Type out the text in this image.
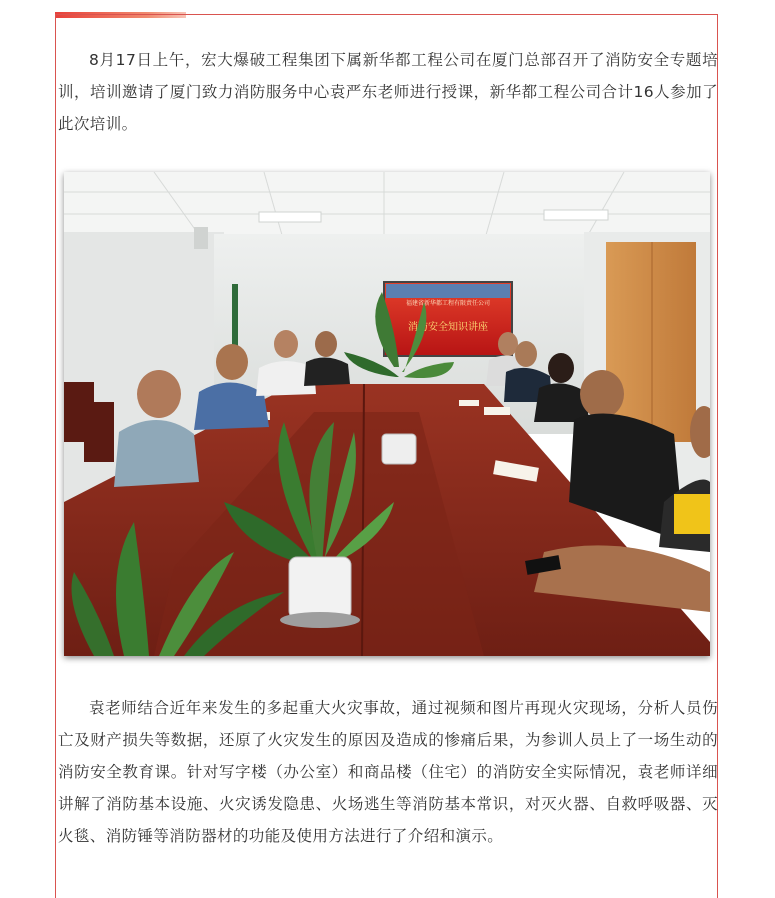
8月17日上午，宏大爆破工程集团下属新华都工程公司在厦门总部召开了消防安全专题培训，培训邀请了厦门致力消防服务中心袁严东老师进行授课，新华都工程公司合计16人参加了此次培训。

福建省新华都工程有限责任公司
消防安全知识讲座

袁老师结合近年来发生的多起重大火灾事故，通过视频和图片再现火灾现场，分析人员伤亡及财产损失等数据，还原了火灾发生的原因及造成的惨痛后果，为参训人员上了一场生动的消防安全教育课。针对写字楼（办公室）和商品楼（住宅）的消防安全实际情况，袁老师详细讲解了消防基本设施、火灾诱发隐患、火场逃生等消防基本常识，对灭火器、自救呼吸器、灭火毯、消防锤等消防器材的功能及使用方法进行了介绍和演示。
